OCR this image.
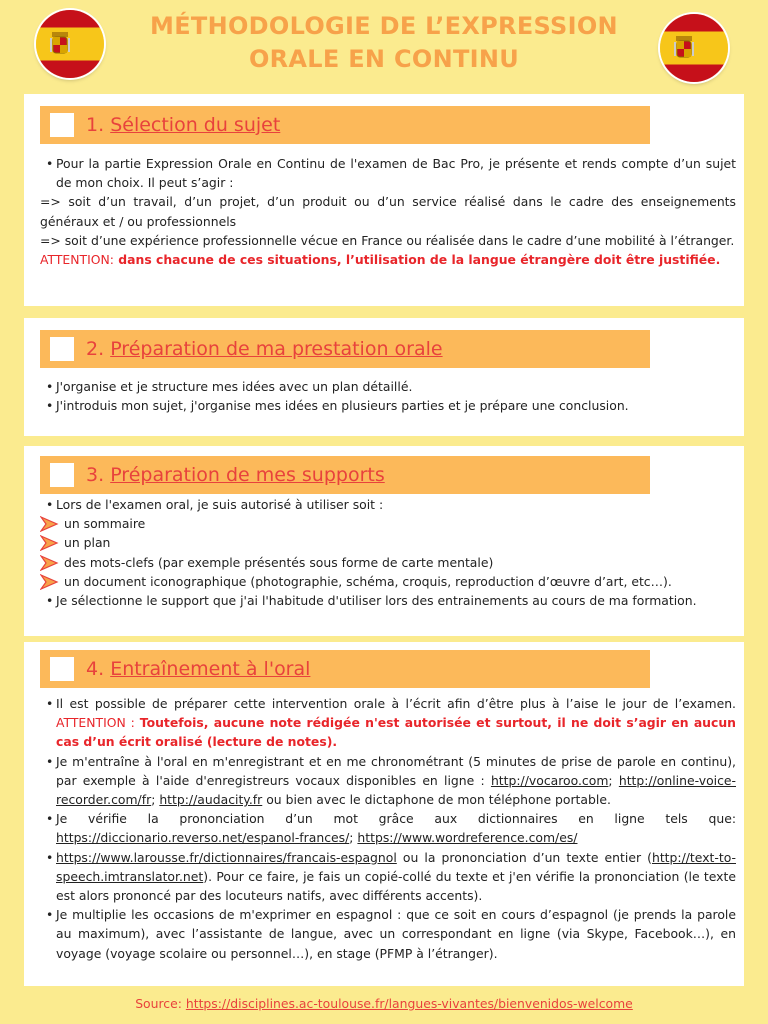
MÉTHODOLOGIE DE L’EXPRESSION
ORALE EN CONTINU
1. Sélection du sujet

• Pour la partie Expression Orale en Continu de l'examen de Bac Pro, je présente et rends compte d’un sujet de mon choix. Il peut s’agir :

=> soit d’un travail, d’un projet, d’un produit ou d’un service réalisé dans le cadre des enseignements généraux et / ou professionnels

=> soit d’une expérience professionnelle vécue en France ou réalisée dans le cadre d’une mobilité à l’étranger.

ATTENTION: dans chacune de ces situations, l’utilisation de la langue étrangère doit être justifiée.

2. Préparation de ma prestation orale

• J'organise et je structure mes idées avec un plan détaillé.

• J'introduis mon sujet, j'organise mes idées en plusieurs parties et je prépare une conclusion.

3. Préparation de mes supports

• Lors de l'examen oral, je suis autorisé à utiliser soit :

un sommaire

un plan

des mots-clefs (par exemple présentés sous forme de carte mentale)

un document iconographique (photographie, schéma, croquis, reproduction d’œuvre d’art, etc…).

• Je sélectionne le support que j'ai l'habitude d'utiliser lors des entrainements au cours de ma formation.

4. Entraînement à l'oral

• Il est possible de préparer cette intervention orale à l’écrit afin d’être plus à l’aise le jour de l’examen. ATTENTION : Toutefois, aucune note rédigée n'est autorisée et surtout, il ne doit s’agir en aucun cas d’un écrit oralisé (lecture de notes).

• Je m'entraîne à l'oral en m'enregistrant et en me chronométrant (5 minutes de prise de parole en continu), par exemple à l'aide d'enregistreurs vocaux disponibles en ligne : http://vocaroo.com; http://online-voice-recorder.com/fr; http://audacity.fr ou bien avec le dictaphone de mon téléphone portable.

• Je vérifie la prononciation d’un mot grâce aux dictionnaires en ligne tels que: https://diccionario.reverso.net/espanol-frances/; https://www.wordreference.com/es/

• https://www.larousse.fr/dictionnaires/francais-espagnol ou la prononciation d’un texte entier (http://text-to-speech.imtranslator.net). Pour ce faire, je fais un copié-collé du texte et j'en vérifie la prononciation (le texte est alors prononcé par des locuteurs natifs, avec différents accents).

• Je multiplie les occasions de m'exprimer en espagnol : que ce soit en cours d’espagnol (je prends la parole au maximum), avec l’assistante de langue, avec un correspondant en ligne (via Skype, Facebook…), en voyage (voyage scolaire ou personnel…), en stage (PFMP à l’étranger).

Source: https://disciplines.ac-toulouse.fr/langues-vivantes/bienvenidos-welcome
